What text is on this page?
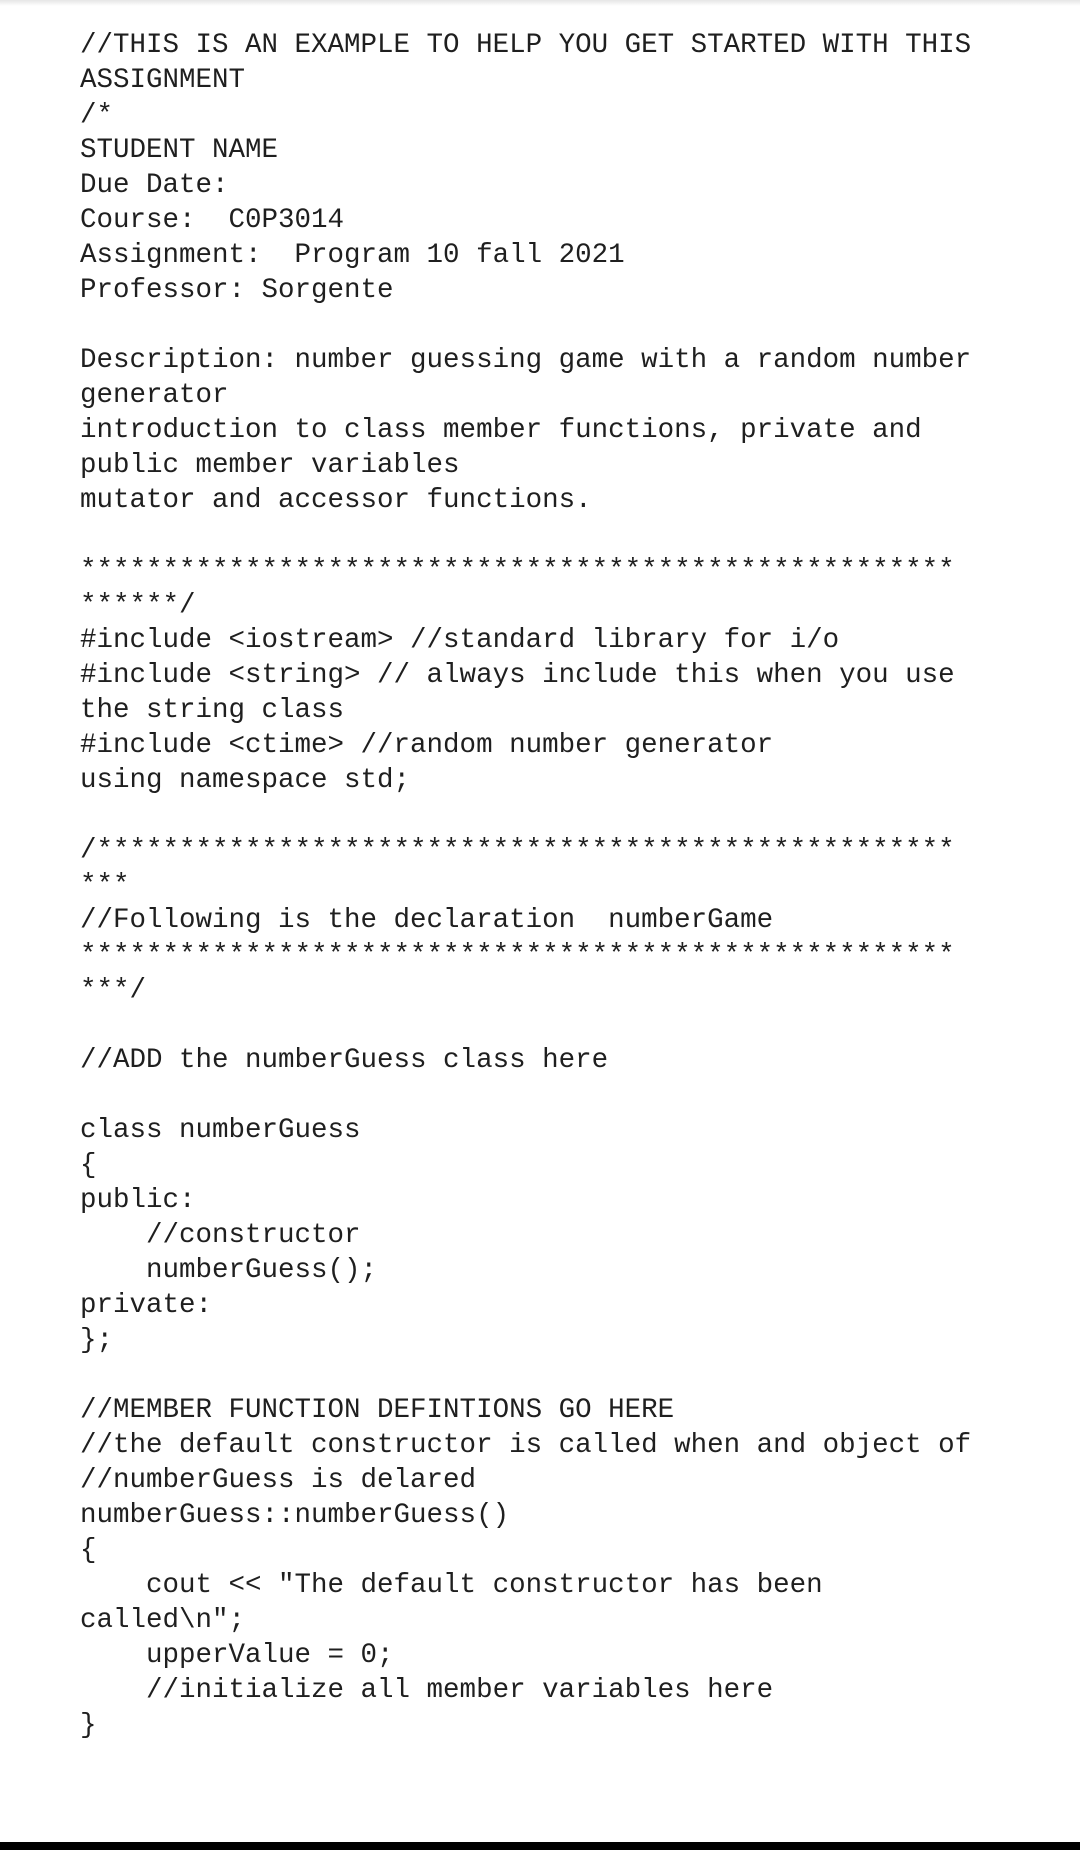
//THIS IS AN EXAMPLE TO HELP YOU GET STARTED WITH THIS
ASSIGNMENT
/*
STUDENT NAME
Due Date:
Course:  C0P3014
Assignment:  Program 10 fall 2021
Professor: Sorgente
Description: number guessing game with a random number
generator
introduction to class member functions, private and
public member variables
mutator and accessor functions.
*****************************************************
******/
#include <iostream> //standard library for i/o
#include <string> // always include this when you use
the string class
#include <ctime> //random number generator
using namespace std;
/****************************************************
***
//Following is the declaration  numberGame
*****************************************************
***/
//ADD the numberGuess class here
class numberGuess
{
public:
//constructor
numberGuess();
private:
};
//MEMBER FUNCTION DEFINTIONS GO HERE
//the default constructor is called when and object of
//numberGuess is delared
numberGuess::numberGuess()
{
cout << "The default constructor has been
called\n";
upperValue = 0;
//initialize all member variables here
}
